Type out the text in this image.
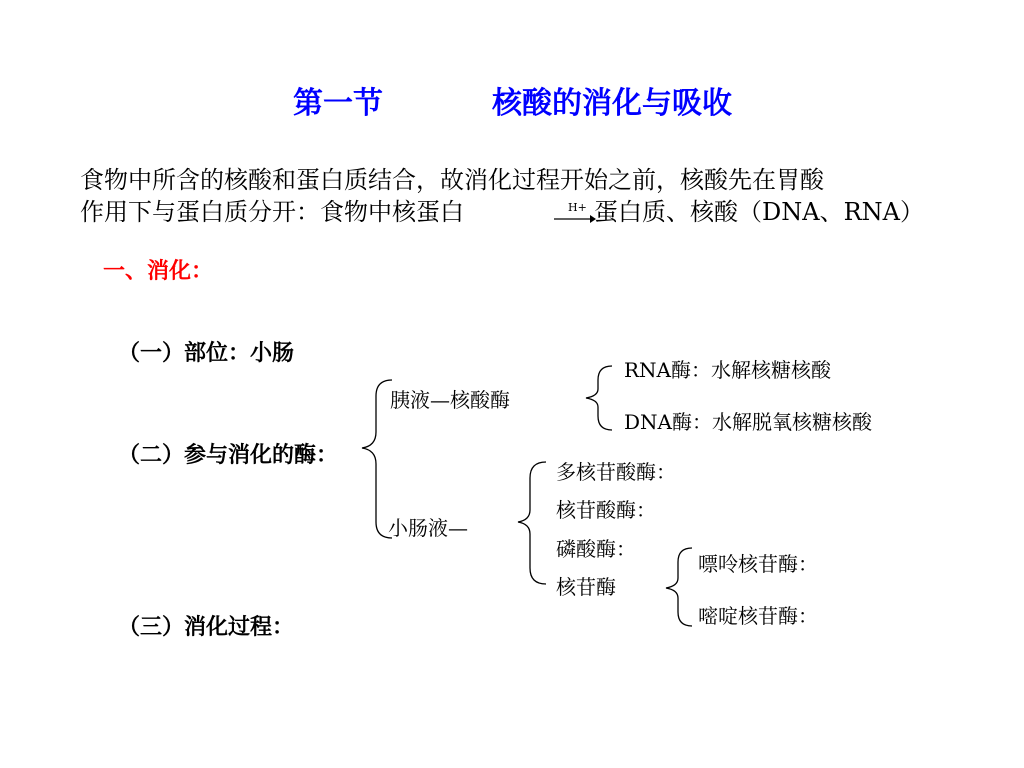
第一节	核酸的消化与吸收
食物中所含的核酸和蛋白质结合，故消化过程开始之前，核酸先在胃酸
作用下与蛋白质分开：食物中核蛋白	H+ 蛋白质、核酸（DNA、RNA）
一、消化：
（一）部位：小肠
（二）参与消化的酶：
（三）消化过程：
胰液—核酸酶
RNA酶：水解核糖核酸
DNA酶：水解脱氧核糖核酸
小肠液—
多核苷酸酶：
核苷酸酶：
磷酸酶：
核苷酶
嘌呤核苷酶：
嘧啶核苷酶：
